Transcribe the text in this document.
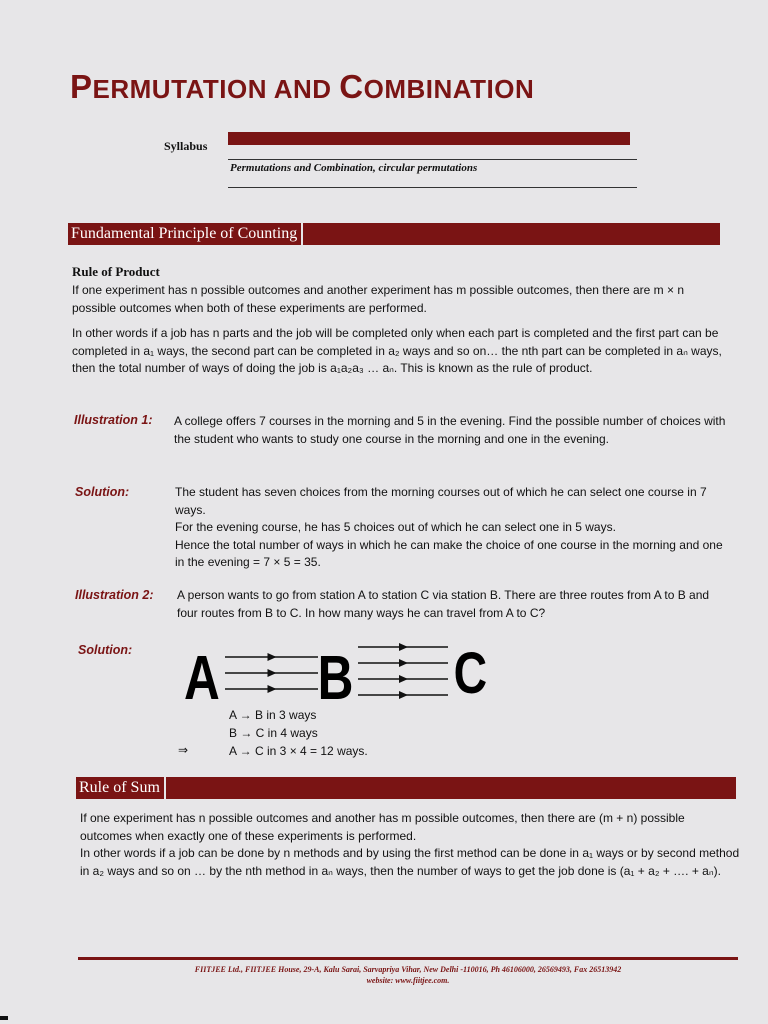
PERMUTATION AND COMBINATION
Syllabus
Permutations and Combination, circular permutations
Fundamental Principle of Counting
Rule of Product
If one experiment has n possible outcomes and another experiment has m possible outcomes, then there are m × n possible outcomes when both of these experiments are performed.
In other words if a job has n parts and the job will be completed only when each part is completed and the first part can be completed in a₁ ways, the second part can be completed in a₂ ways and so on… the nth part can be completed in aₙ ways, then the total number of ways of doing the job is a₁a₂a₃ … aₙ. This is known as the rule of product.
Illustration 1: A college offers 7 courses in the morning and 5 in the evening. Find the possible number of choices with the student who wants to study one course in the morning and one in the evening.
Solution:	The student has seven choices from the morning courses out of which he can select one course in 7 ways.
For the evening course, he has 5 choices out of which he can select one in 5 ways.
Hence the total number of ways in which he can make the choice of one course in the morning and one in the evening = 7 × 5 = 35.
Illustration 2: A person wants to go from station A to station C via station B. There are three routes from A to B and four routes from B to C. In how many ways he can travel from A to C?
Solution: A B C
A → B in 3 ways
B → C in 4 ways
⇒	A → C in 3 × 4 = 12 ways.
Rule of Sum
If one experiment has n possible outcomes and another has m possible outcomes, then there are (m + n) possible outcomes when exactly one of these experiments is performed.
In other words if a job can be done by n methods and by using the first method can be done in a₁ ways or by second method in a₂ ways and so on … by the nth method in aₙ ways, then the number of ways to get the job done is (a₁ + a₂ + …. + aₙ).
FIITJEE Ltd., FIITJEE House, 29-A, Kalu Sarai, Sarvapriya Vihar, New Delhi -110016, Ph 46106000, 26569493, Fax 26513942
website: www.fiitjee.com.
